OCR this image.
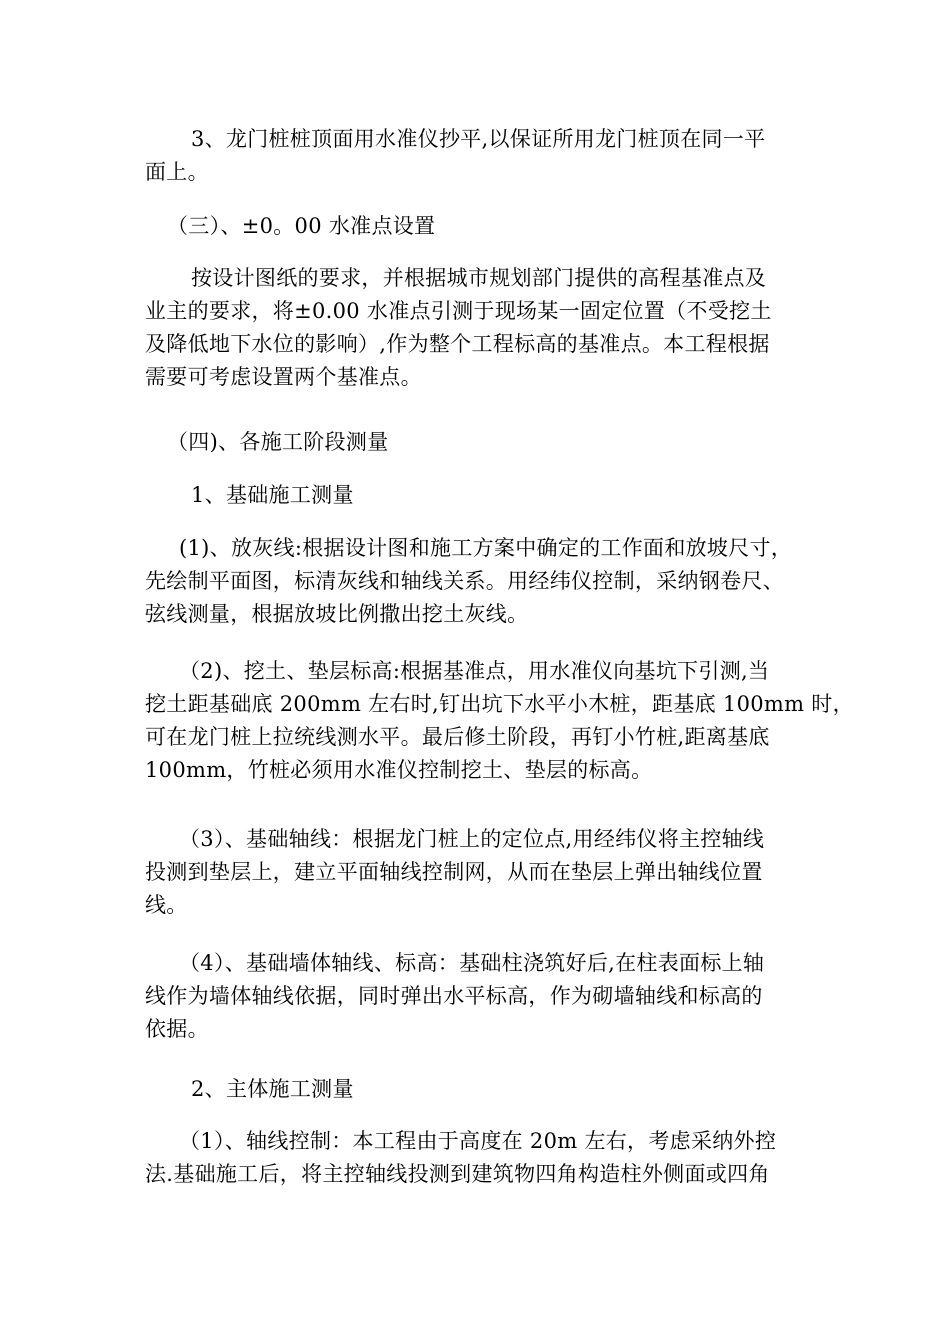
3、龙门桩桩顶面用水准仪抄平,以保证所用龙门桩顶在同一平
面上。

（三）、±0。00 水准点设置

按设计图纸的要求，并根据城市规划部门提供的高程基准点及
业主的要求，将±0.00 水准点引测于现场某一固定位置（不受挖土
及降低地下水位的影响）,作为整个工程标高的基准点。本工程根据
需要可考虑设置两个基准点。

（四)、各施工阶段测量

1、基础施工测量

(1)、放灰线:根据设计图和施工方案中确定的工作面和放坡尺寸，
先绘制平面图，标清灰线和轴线关系。用经纬仪控制，采纳钢卷尺、
弦线测量，根据放坡比例撒出挖土灰线。

（2)、挖土、垫层标高:根据基准点，用水准仪向基坑下引测,当
挖土距基础底 200mm 左右时,钉出坑下水平小木桩，距基底 100mm 时，
可在龙门桩上拉统线测水平。最后修土阶段，再钉小竹桩,距离基底
100mm，竹桩必须用水准仪控制挖土、垫层的标高。

（3）、基础轴线：根据龙门桩上的定位点,用经纬仪将主控轴线
投测到垫层上，建立平面轴线控制网，从而在垫层上弹出轴线位置
线。

（4）、基础墙体轴线、标高：基础柱浇筑好后,在柱表面标上轴
线作为墙体轴线依据，同时弹出水平标高，作为砌墙轴线和标高的
依据。

2、主体施工测量

（1）、轴线控制：本工程由于高度在 20m 左右，考虑采纳外控
法.基础施工后，将主控轴线投测到建筑物四角构造柱外侧面或四角
